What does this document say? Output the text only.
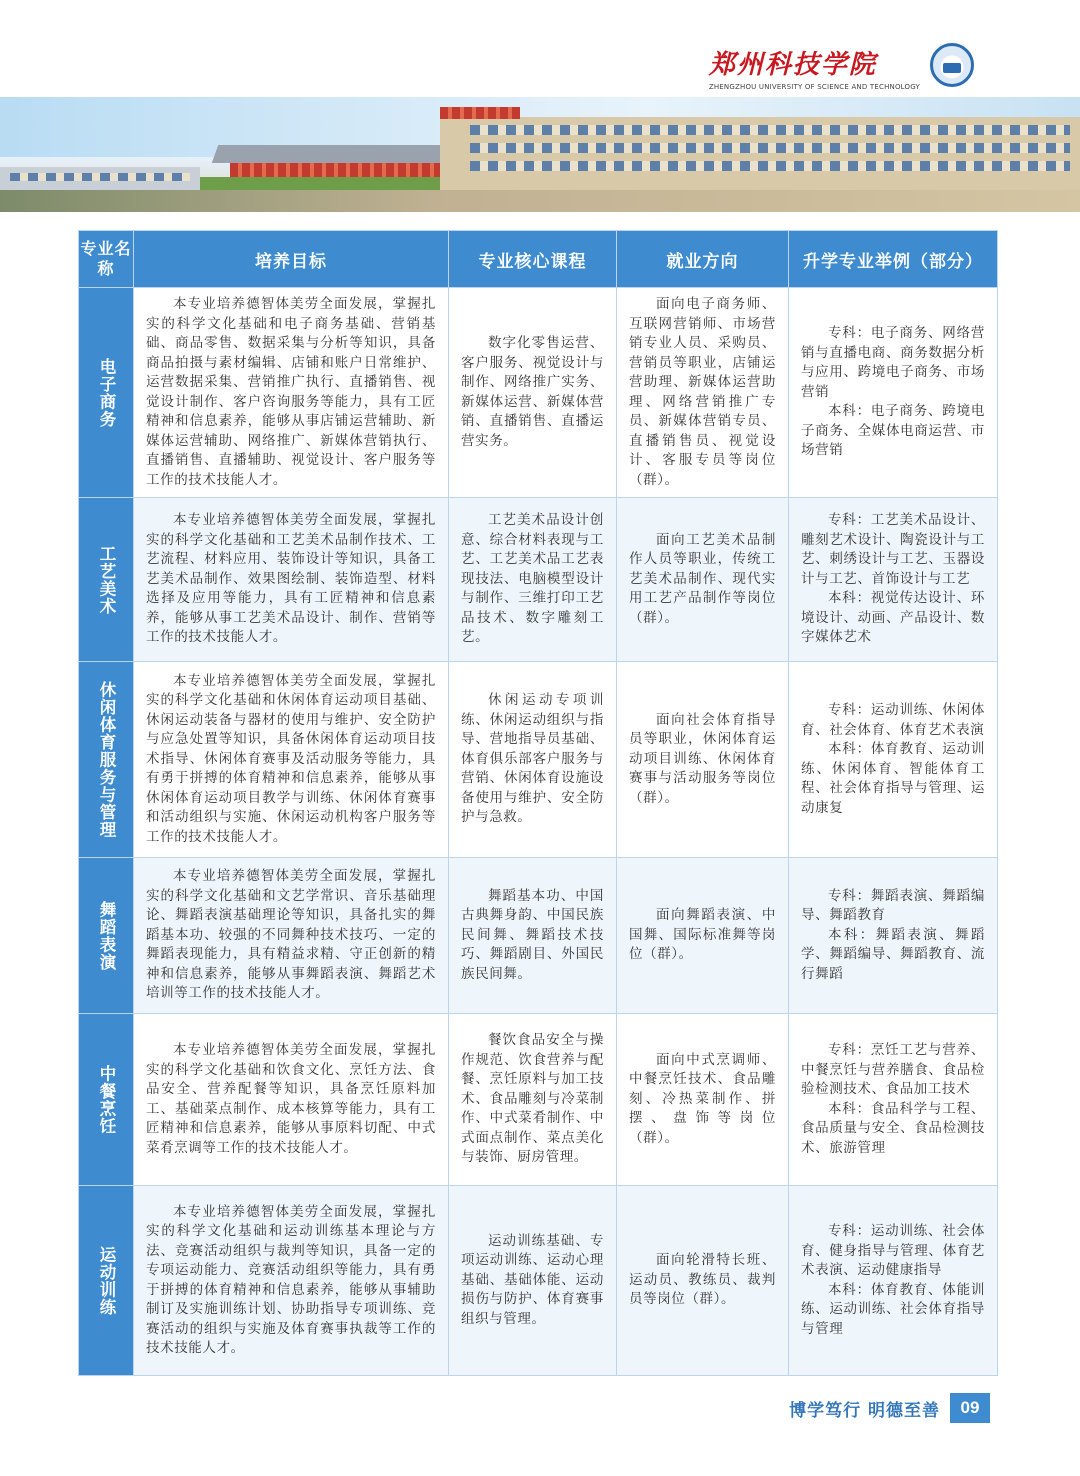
郑州科技学院
ZHENGZHOU UNIVERSITY OF SCIENCE AND TECHNOLOGY
专业名称	培养目标	专业核心课程	就业方向	升学专业举例（部分）
电子商务	本专业培养德智体美劳全面发展，掌握扎实的科学文化基础和电子商务基础、营销基础、商品零售、数据采集与分析等知识，具备商品拍摄与素材编辑、店铺和账户日常维护、运营数据采集、营销推广执行、直播销售、视觉设计制作、客户咨询服务等能力，具有工匠精神和信息素养，能够从事店铺运营辅助、新媒体运营辅助、网络推广、新媒体营销执行、直播销售、直播辅助、视觉设计、客户服务等工作的技术技能人才。	数字化零售运营、客户服务、视觉设计与制作、网络推广实务、新媒体运营、新媒体营销、直播销售、直播运营实务。	面向电子商务师、互联网营销师、市场营销专业人员、采购员、营销员等职业，店铺运营助理、新媒体运营助理、网络营销推广专员、新媒体营销专员、直播销售员、视觉设计、客服专员等岗位（群）。	专科：电子商务、网络营销与直播电商、商务数据分析与应用、跨境电子商务、市场营销
本科：电子商务、跨境电子商务、全媒体电商运营、市场营销

工艺美术	本专业培养德智体美劳全面发展，掌握扎实的科学文化基础和工艺美术品制作技术、工艺流程、材料应用、装饰设计等知识，具备工艺美术品制作、效果图绘制、装饰造型、材料选择及应用等能力，具有工匠精神和信息素养，能够从事工艺美术品设计、制作、营销等工作的技术技能人才。	工艺美术品设计创意、综合材料表现与工艺、工艺美术品工艺表现技法、电脑模型设计与制作、三维打印工艺品技术、数字雕刻工艺。	面向工艺美术品制作人员等职业，传统工艺美术品制作、现代实用工艺产品制作等岗位（群）。	专科：工艺美术品设计、雕刻艺术设计、陶瓷设计与工艺、刺绣设计与工艺、玉器设计与工艺、首饰设计与工艺
本科：视觉传达设计、环境设计、动画、产品设计、数字媒体艺术

休闲体育服务与管理	本专业培养德智体美劳全面发展，掌握扎实的科学文化基础和休闲体育运动项目基础、休闲运动装备与器材的使用与维护、安全防护与应急处置等知识，具备休闲体育运动项目技术指导、休闲体育赛事及活动服务等能力，具有勇于拼搏的体育精神和信息素养，能够从事休闲体育运动项目教学与训练、休闲体育赛事和活动组织与实施、休闲运动机构客户服务等工作的技术技能人才。	休闲运动专项训练、休闲运动组织与指导、营地指导员基础、体育俱乐部客户服务与营销、休闲体育设施设备使用与维护、安全防护与急救。	面向社会体育指导员等职业，休闲体育运动项目训练、休闲体育赛事与活动服务等岗位（群）。	专科：运动训练、休闲体育、社会体育、体育艺术表演
本科：体育教育、运动训练、休闲体育、智能体育工程、社会体育指导与管理、运动康复

舞蹈表演	本专业培养德智体美劳全面发展，掌握扎实的科学文化基础和文艺学常识、音乐基础理论、舞蹈表演基础理论等知识，具备扎实的舞蹈基本功、较强的不同舞种技术技巧、一定的舞蹈表现能力，具有精益求精、守正创新的精神和信息素养，能够从事舞蹈表演、舞蹈艺术培训等工作的技术技能人才。	舞蹈基本功、中国古典舞身韵、中国民族民间舞、舞蹈技术技巧、舞蹈剧目、外国民族民间舞。	面向舞蹈表演、中国舞、国际标准舞等岗位（群）。	专科：舞蹈表演、舞蹈编导、舞蹈教育
本科：舞蹈表演、舞蹈学、舞蹈编导、舞蹈教育、流行舞蹈

中餐烹饪	本专业培养德智体美劳全面发展，掌握扎实的科学文化基础和饮食文化、烹饪方法、食品安全、营养配餐等知识，具备烹饪原料加工、基础菜点制作、成本核算等能力，具有工匠精神和信息素养，能够从事原料切配、中式菜肴烹调等工作的技术技能人才。	餐饮食品安全与操作规范、饮食营养与配餐、烹饪原料与加工技术、食品雕刻与冷菜制作、中式菜肴制作、中式面点制作、菜点美化与装饰、厨房管理。	面向中式烹调师、中餐烹饪技术、食品雕刻、冷热菜制作、拼摆、盘饰等岗位（群）。	专科：烹饪工艺与营养、中餐烹饪与营养膳食、食品检验检测技术、食品加工技术
本科：食品科学与工程、食品质量与安全、食品检测技术、旅游管理

运动训练	本专业培养德智体美劳全面发展，掌握扎实的科学文化基础和运动训练基本理论与方法、竞赛活动组织与裁判等知识，具备一定的专项运动能力、竞赛活动组织等能力，具有勇于拼搏的体育精神和信息素养，能够从事辅助制订及实施训练计划、协助指导专项训练、竞赛活动的组织与实施及体育赛事执裁等工作的技术技能人才。	运动训练基础、专项运动训练、运动心理基础、基础体能、运动损伤与防护、体育赛事组织与管理。	面向轮滑特长班、运动员、教练员、裁判员等岗位（群）。	专科：运动训练、社会体育、健身指导与管理、体育艺术表演、运动健康指导
本科：体育教育、体能训练、运动训练、社会体育指导与管理
博学笃行 明德至善	09
